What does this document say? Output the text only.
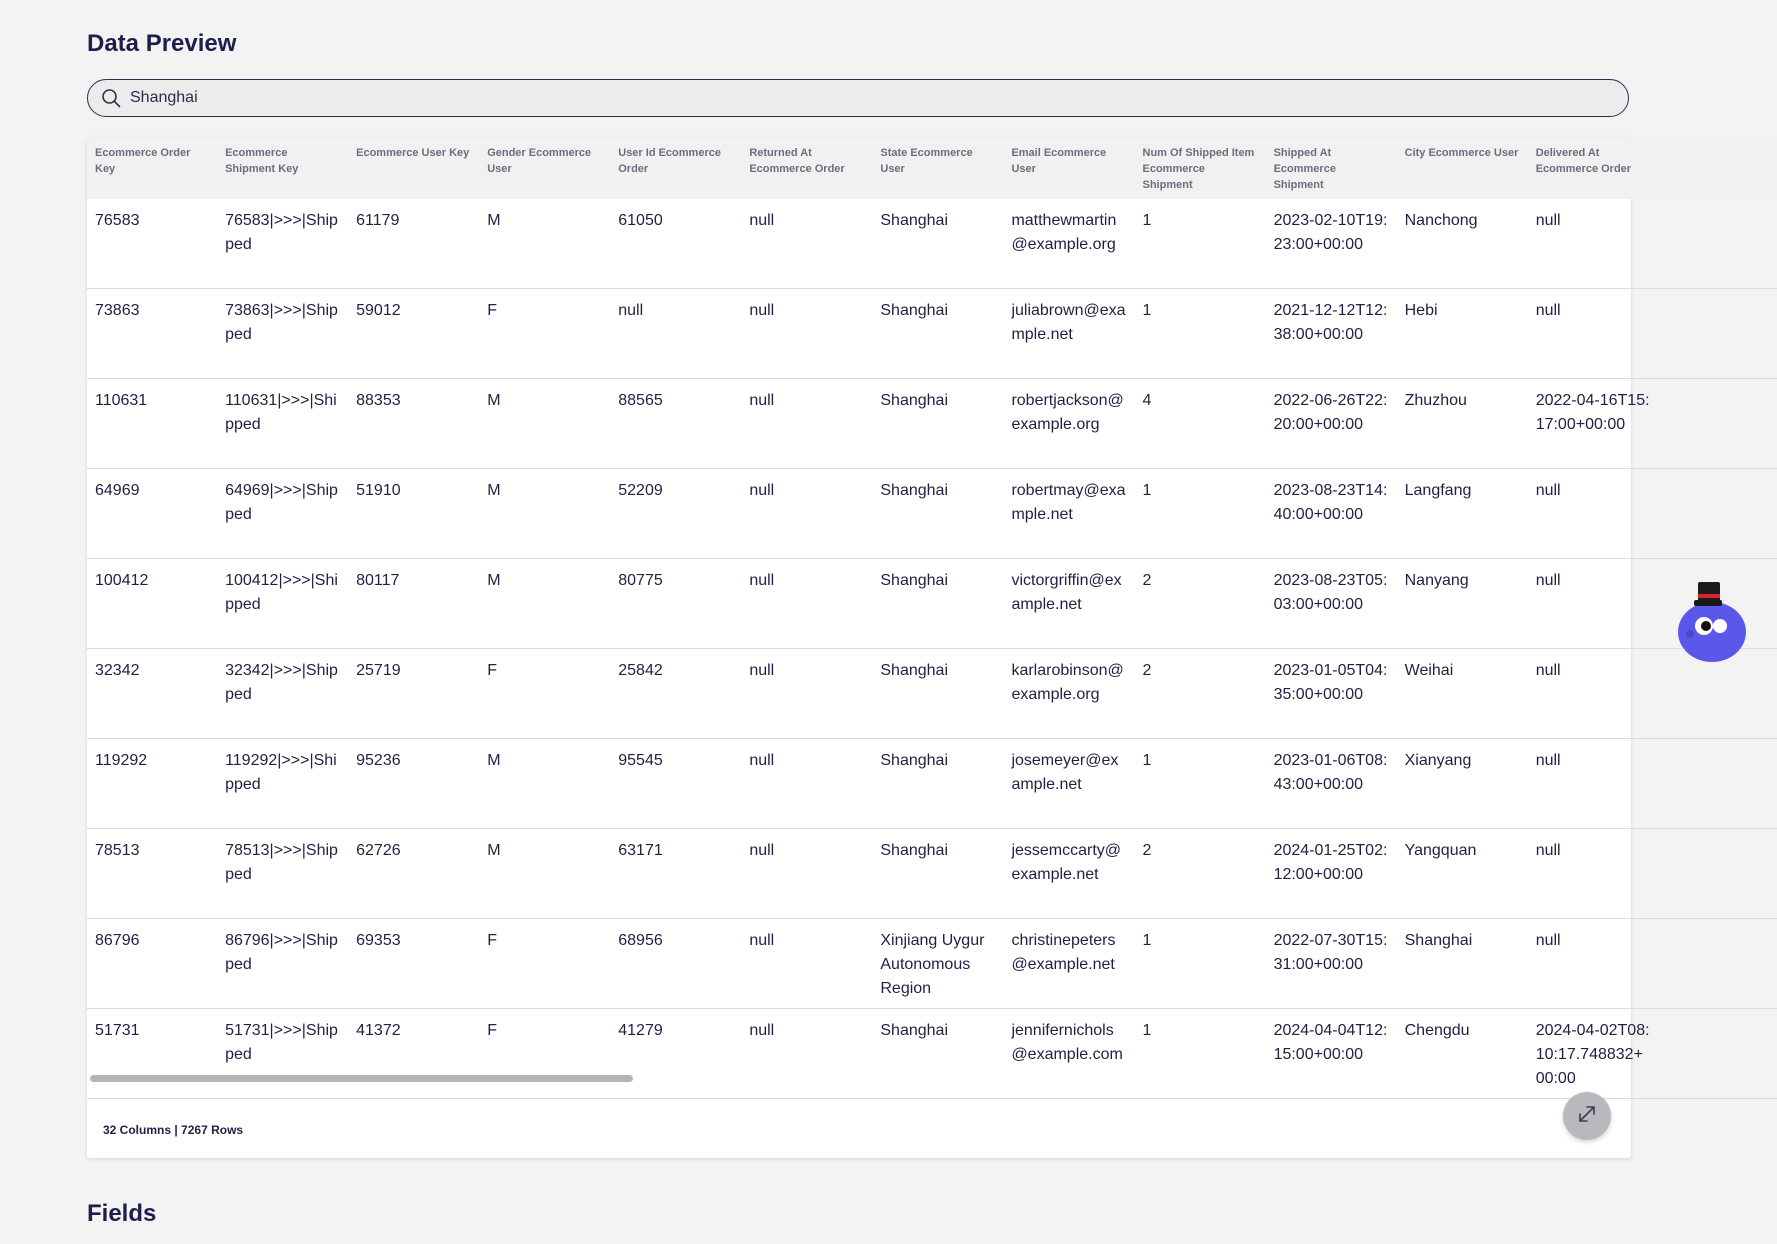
Data Preview
Shanghai
Ecommerce Order Key	Ecommerce Shipment Key	Ecommerce User Key	Gender Ecommerce User	User Id Ecommerce Order	Returned At Ecommerce Order	State Ecommerce User	Email Ecommerce User	Num Of Shipped Item Ecommerce Shipment	Shipped At Ecommerce Shipment	City Ecommerce User	Delivered At Ecommerce Order	
76583	76583|>>>|Shipped	61179	M	61050	null	Shanghai	matthewmartin@example.org	1	2023-02-10T19:23:00+00:00	Nanchong	null	
73863	73863|>>>|Shipped	59012	F	null	null	Shanghai	juliabrown@example.net	1	2021-12-12T12:38:00+00:00	Hebi	null	
110631	110631|>>>|Shipped	88353	M	88565	null	Shanghai	robertjackson@example.org	4	2022-06-26T22:20:00+00:00	Zhuzhou	2022-04-16T15:17:00+00:00	
64969	64969|>>>|Shipped	51910	M	52209	null	Shanghai	robertmay@example.net	1	2023-08-23T14:40:00+00:00	Langfang	null	
100412	100412|>>>|Shipped	80117	M	80775	null	Shanghai	victorgriffin@example.net	2	2023-08-23T05:03:00+00:00	Nanyang	null	
32342	32342|>>>|Shipped	25719	F	25842	null	Shanghai	karlarobinson@example.org	2	2023-01-05T04:35:00+00:00	Weihai	null	
119292	119292|>>>|Shipped	95236	M	95545	null	Shanghai	josemeyer@example.net	1	2023-01-06T08:43:00+00:00	Xianyang	null	
78513	78513|>>>|Shipped	62726	M	63171	null	Shanghai	jessemccarty@example.net	2	2024-01-25T02:12:00+00:00	Yangquan	null	
86796	86796|>>>|Shipped	69353	F	68956	null	Xinjiang Uygur Autonomous Region	christinepeters@example.net	1	2022-07-30T15:31:00+00:00	Shanghai	null	
51731	51731|>>>|Shipped	41372	F	41279	null	Shanghai	jennifernichols@example.com	1	2024-04-04T12:15:00+00:00	Chengdu	2024-04-02T08:10:17.748832+00:00	
32 Columns | 7267 Rows
Fields
